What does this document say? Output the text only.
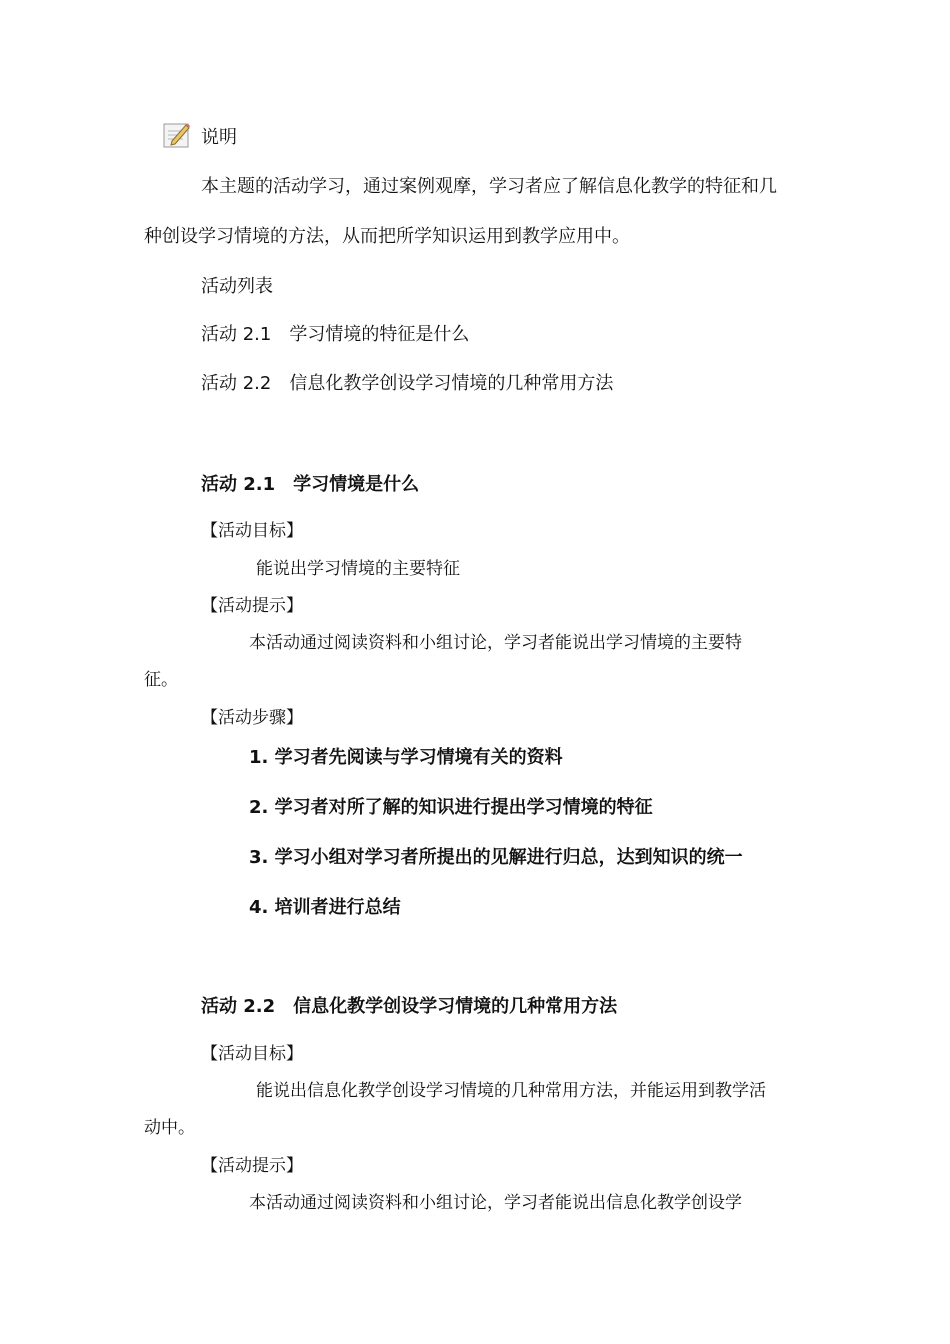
说明
本主题的活动学习，通过案例观摩，学习者应了解信息化教学的特征和几
种创设学习情境的方法，从而把所学知识运用到教学应用中。
活动列表
活动 2.1　学习情境的特征是什么
活动 2.2　信息化教学创设学习情境的几种常用方法
活动 2.1　学习情境是什么
【活动目标】
能说出学习情境的主要特征
【活动提示】
本活动通过阅读资料和小组讨论，学习者能说出学习情境的主要特
征。
【活动步骤】
1. 学习者先阅读与学习情境有关的资料
2. 学习者对所了解的知识进行提出学习情境的特征
3. 学习小组对学习者所提出的见解进行归总，达到知识的统一
4. 培训者进行总结
活动 2.2　信息化教学创设学习情境的几种常用方法
【活动目标】
能说出信息化教学创设学习情境的几种常用方法，并能运用到教学活
动中。
【活动提示】
本活动通过阅读资料和小组讨论，学习者能说出信息化教学创设学
